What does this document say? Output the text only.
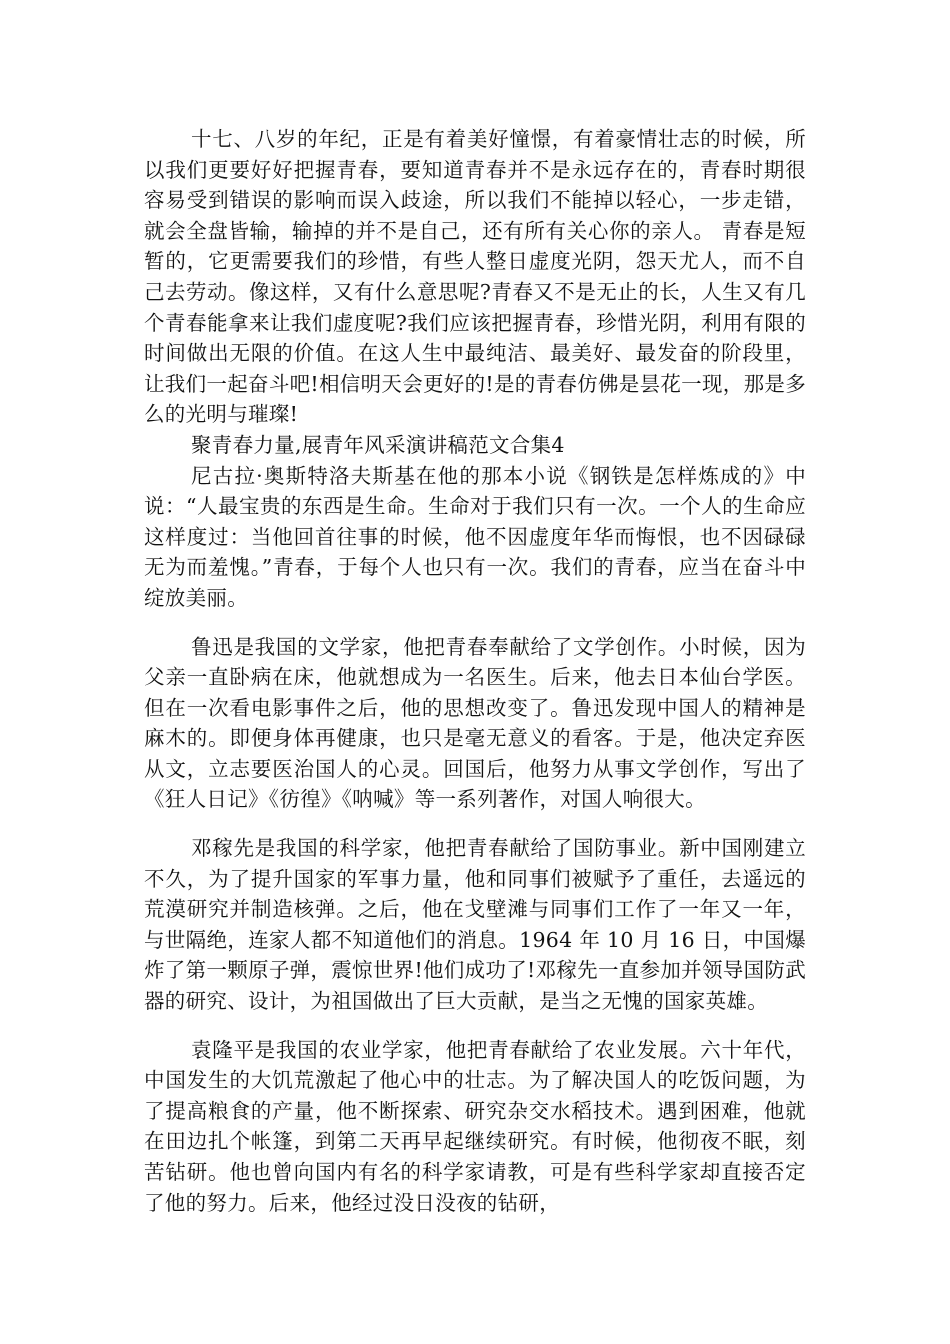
十七、八岁的年纪，正是有着美好憧憬，有着豪情壮志的时候，所以我们更要好好把握青春，要知道青春并不是永远存在的，青春时期很容易受到错误的影响而误入歧途，所以我们不能掉以轻心，一步走错，就会全盘皆输，输掉的并不是自己，还有所有关心你的亲人。 青春是短暂的，它更需要我们的珍惜，有些人整日虚度光阴，怨天尤人，而不自己去劳动。像这样，又有什么意思呢?青春又不是无止的长，人生又有几个青春能拿来让我们虚度呢?我们应该把握青春，珍惜光阴，利用有限的时间做出无限的价值。在这人生中最纯洁、最美好、最发奋的阶段里，让我们一起奋斗吧!相信明天会更好的!是的青春仿佛是昙花一现，那是多么的光明与璀璨!

聚青春力量,展青年风采演讲稿范文合集4

尼古拉·奥斯特洛夫斯基在他的那本小说《钢铁是怎样炼成的》中说：“人最宝贵的东西是生命。生命对于我们只有一次。一个人的生命应这样度过：当他回首往事的时候，他不因虚度年华而悔恨，也不因碌碌无为而羞愧。”青春，于每个人也只有一次。我们的青春，应当在奋斗中绽放美丽。

鲁迅是我国的文学家，他把青春奉献给了文学创作。小时候，因为父亲一直卧病在床，他就想成为一名医生。后来，他去日本仙台学医。但在一次看电影事件之后，他的思想改变了。鲁迅发现中国人的精神是麻木的。即便身体再健康，也只是毫无意义的看客。于是，他决定弃医从文，立志要医治国人的心灵。回国后，他努力从事文学创作，写出了《狂人日记》《彷徨》《呐喊》等一系列著作，对国人响很大。

邓稼先是我国的科学家，他把青春献给了国防事业。新中国刚建立不久，为了提升国家的军事力量，他和同事们被赋予了重任，去遥远的荒漠研究并制造核弹。之后，他在戈壁滩与同事们工作了一年又一年，与世隔绝，连家人都不知道他们的消息。1964 年 10 月 16 日，中国爆炸了第一颗原子弹，震惊世界!他们成功了!邓稼先一直参加并领导国防武器的研究、设计，为祖国做出了巨大贡献，是当之无愧的国家英雄。

袁隆平是我国的农业学家，他把青春献给了农业发展。六十年代，中国发生的大饥荒激起了他心中的壮志。为了解决国人的吃饭问题，为了提高粮食的产量，他不断探索、研究杂交水稻技术。遇到困难，他就在田边扎个帐篷，到第二天再早起继续研究。有时候，他彻夜不眠，刻苦钻研。他也曾向国内有名的科学家请教，可是有些科学家却直接否定了他的努力。后来，他经过没日没夜的钻研，
